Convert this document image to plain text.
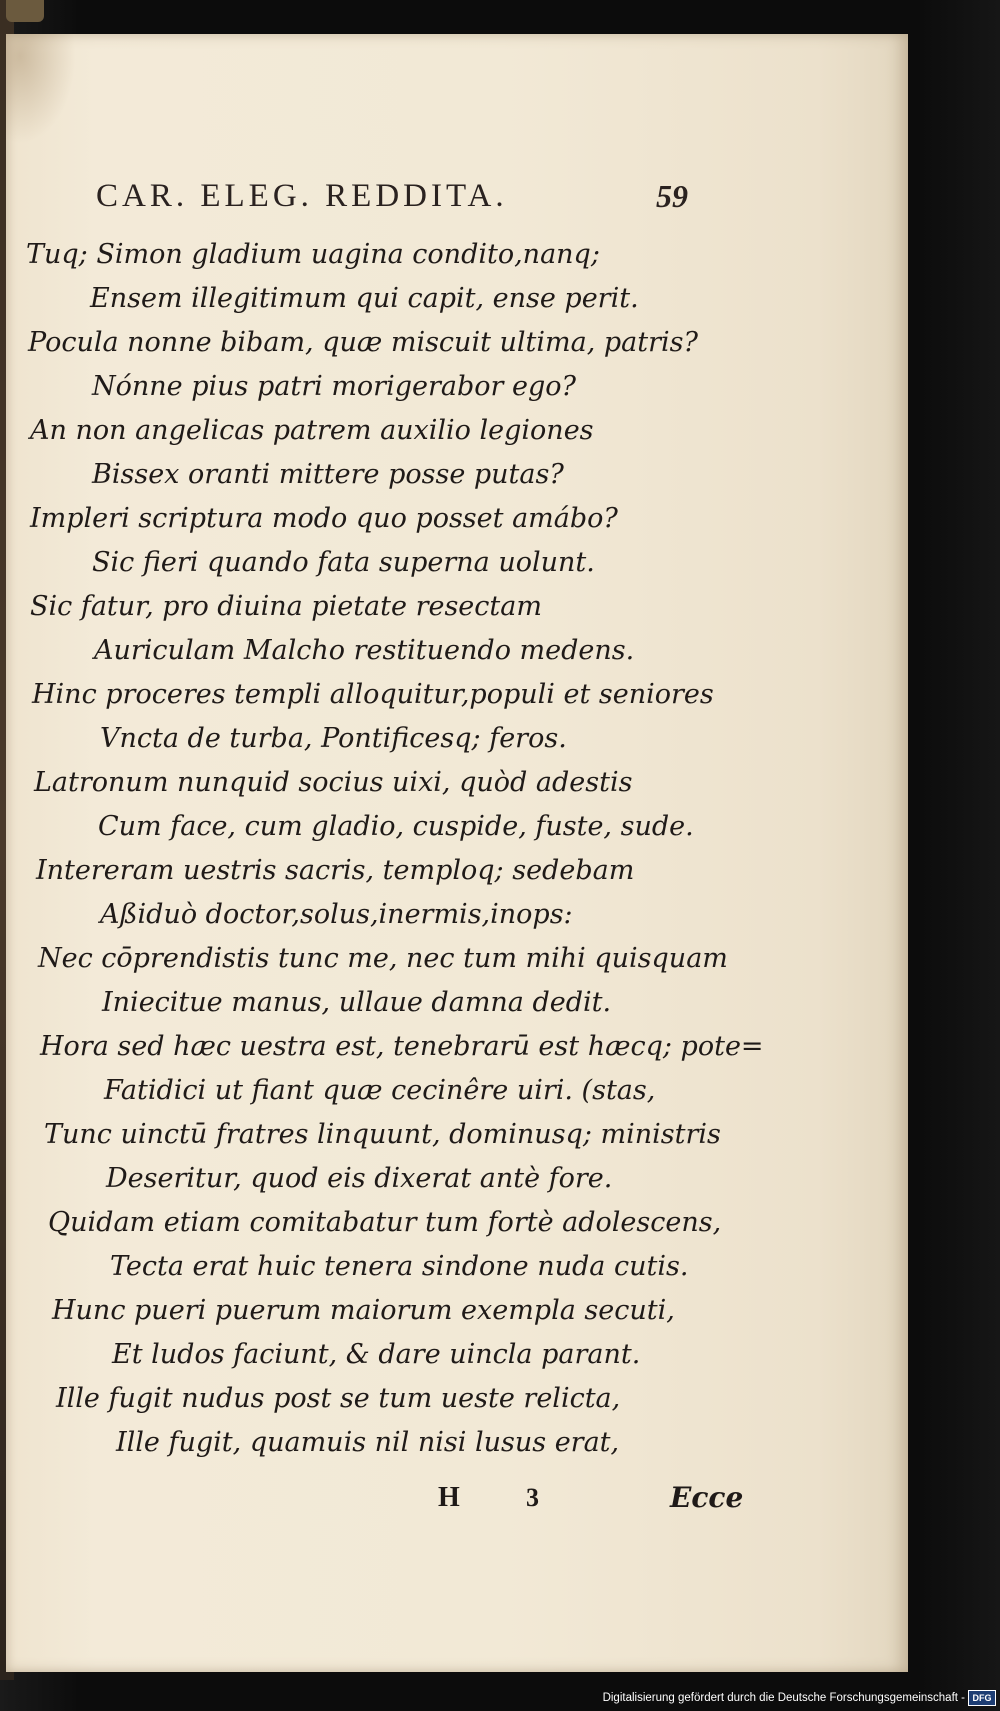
CAR. ELEG. REDDITA.	59
Tuq; Simon gladium uagina condito,nanq;
Ensem illegitimum qui capit, ense perit.
Pocula nonne bibam, quæ miscuit ultima, patris?
Nónne pius patri morigerabor ego?
An non angelicas patrem auxilio legiones
Bissex oranti mittere posse putas?
Impleri scriptura modo quo posset amábo?
Sic fieri quando fata superna uolunt.
Sic fatur, pro diuina pietate resectam
Auriculam Malcho restituendo medens.
Hinc proceres templi alloquitur,populi et seniores
Vncta de turba, Pontificesq; feros.
Latronum nunquid socius uixi, quòd adestis
Cum face, cum gladio, cuspide, fuste, sude.
Intereram uestris sacris, temploq; sedebam
Aßiduò doctor,solus,inermis,inops:
Nec cōprendistis tunc me, nec tum mihi quisquam
Iniecitue manus, ullaue damna dedit.
Hora sed hæc uestra est, tenebrarū est hæcq; pote=
Fatidici ut fiant quæ cecinêre uiri. (stas,
Tunc uinctū fratres linquunt, dominusq; ministris
Deseritur, quod eis dixerat antè fore.
Quidam etiam comitabatur tum fortè adolescens,
Tecta erat huic tenera sindone nuda cutis.
Hunc pueri puerum maiorum exempla secuti,
Et ludos faciunt, & dare uincla parant.
Ille fugit nudus post se tum ueste relicta,
Ille fugit, quamuis nil nisi lusus erat,
H	3	Ecce
Digitalisierung gefördert durch die Deutsche Forschungsgemeinschaft - DFG
